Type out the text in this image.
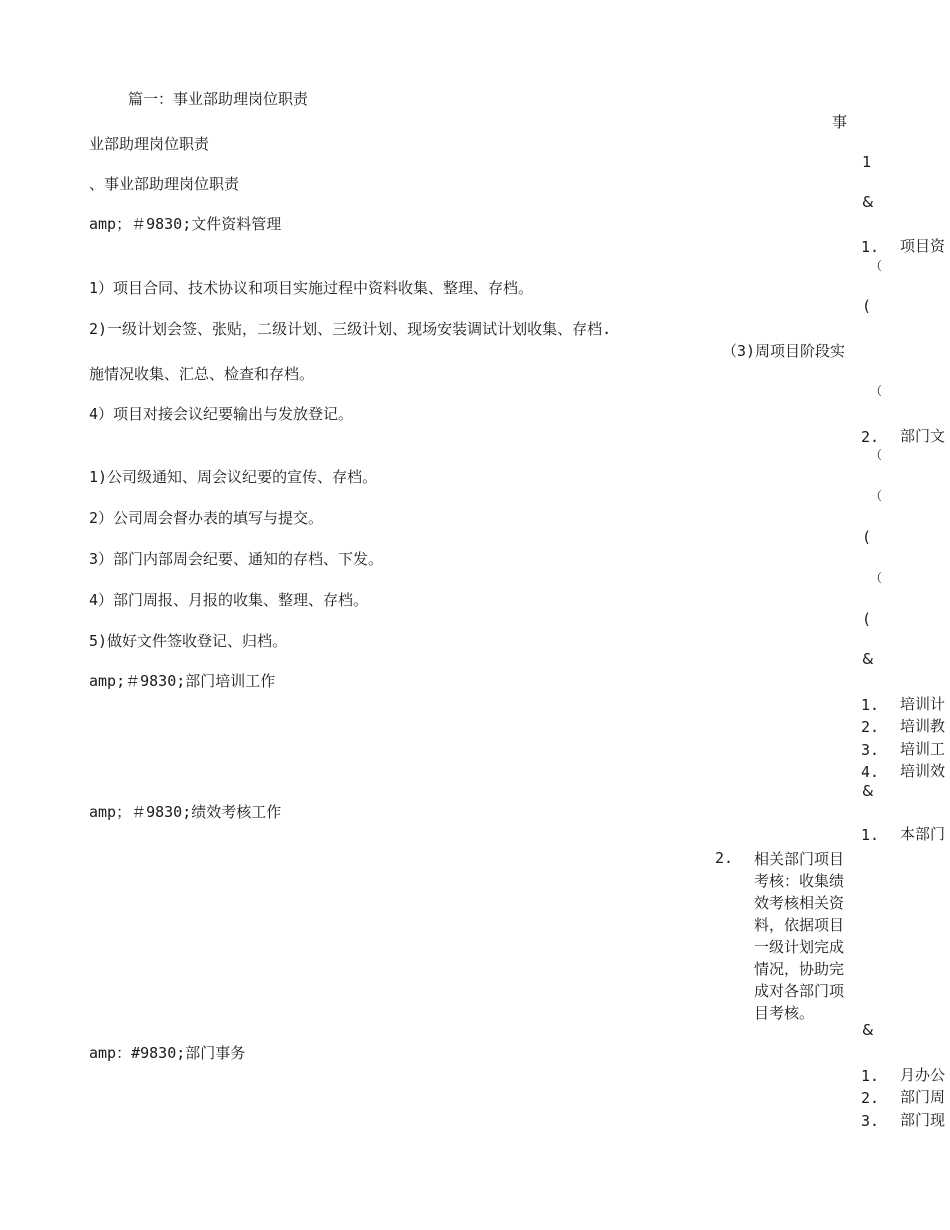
篇一：事业部助理岗位职责
业部助理岗位职责
、事业部助理岗位职责
amp；＃9830;文件资料管理
1）项目合同、技术协议和项目实施过程中资料收集、整理、存档。
2)一级计划会签、张贴，二级计划、三级计划、现场安装调试计划收集、存档.
施情况收集、汇总、检查和存档。
4）项目对接会议纪要输出与发放登记。
1)公司级通知、周会议纪要的宣传、存档。
2）公司周会督办表的填写与提交。
3）部门内部周会纪要、通知的存档、下发。
4）部门周报、月报的收集、整理、存档。
5)做好文件签收登记、归档。
amp;＃9830;部门培训工作
amp；＃9830;绩效考核工作
amp：#9830;部门事务
事
1
&
1. 项目资
（
(
（3)周项目阶段实
（
2. 部门文
（
（
(
（
(
&
1. 培训计
2. 培训教
3. 培训工
4. 培训效
&
1. 本部门
2. 相关部门项目考核：收集绩效考核相关资料，依据项目一级计划完成情况，协助完成对各部门项目考核。
&
1. 月办公
2. 部门周
3. 部门现
